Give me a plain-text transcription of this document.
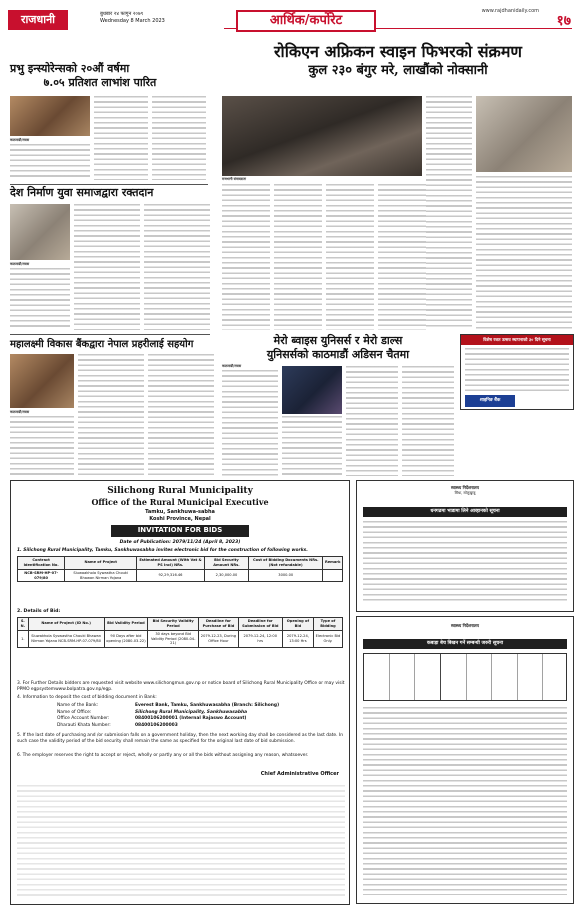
राजधानी	बुधबार २४ फागुन २०७९
Wednesday 8 March 2023	आर्थिक/कर्पोरेट
www.rajdhanidaily.com
१७
प्रभु इन्स्योरेन्सको २०औं वर्षमा
७.०५ प्रतिशत लाभांश पारित
काठमाडौं/रासस
रोकिएन अफ्रिकन स्वाइन फिभरको संक्रमण
कुल २३० बंगुर मरे, लाखौंको नोक्सानी
राजधानी संवाददाता
देश निर्माण युवा समाजद्वारा रक्तदान
काठमाडौं/रासस
महालक्ष्मी विकास बैंकद्वारा नेपाल प्रहरीलाई सहयोग
काठमाडौं/रासस
मेरो ब्वाइस युनिसर्स र मेरो डाल्स
युनिसर्सको काठमाडौं अडिसन चैतमा
काठमाडौं/रासस
विशेष रजत उत्सव स्थापनाको ३० दिने सूचना
शाइनिङ बैंक
स्वास्थ्य निर्देशनालय
सिंधा, सोलुखुम्बु
धनगढमा भाडामा लिने आव्हानको सूचना
स्वास्थ्य निर्देशनालय
कबाड़ा बेच बिखन गर्ने सम्बन्धी जरुरी सूचना
Silichong Rural Municipality
Office of the Rural Municipal Executive
Tamku, Sankhuwa-sabha
Koshi Province, Nepal
INVITATION FOR BIDS
Date of Publication: 2079/11/24 (April 8, 2023)
1. Silichong Rural Municipality, Tamku, Sankhuwasabha invites electronic bid for the construction of following works.
Contract Identification No.	Name of Project	Estimated Amount (With Vat & PS Incl) NRs.	Bid Security Amount NRs.	Cost of Bidding Documents NRs. (Not refundable)	Remark
NCB-SRM-HP-07-079/80	Siuwaakhola Sywastha Chouki Bhawan Nirman Yojana	92,29,316.46	2,30,000.00	3000.00	
2. Details of Bid:
S. N.	Name of Project (ID No.)	Bid Validity Period	Bid Security Validity Period	Deadline for Purchase of Bid	Deadline for Submission of Bid	Opening of Bid	Type of Bidding
1.	Siuwakhola Syswastha Chouki Bhawan Nirman Yojana NCB-SRM-HP-07-079/80	90 Days after bid opening (2080-03-22)	30 days beyond Bid Validity Period (2080-04-21)	2079-12-23, During Office Hour	2079-12-24, 12:00 hrs	2079-12-24, 13:00 Hrs	Electronic Bid Only.
3. For Further Details bidders are requested visit website www.silichongmun.gov.np or notice board of Silichong Rural Municipality Office or may visit PPMO egpsystemwww.bolpatra.gov.np/egp.
4. Information to deposit the cost of bidding document in Bank:
Name of the Bank:	Everest Bank, Tamku, Sankhuwasabha (Branch: Silichong)
Name of Office:	Silichong Rural Municipality, Sankhuwasabha
Office Account Number:	08400106200001 (Internal Rajaswo Account)
Dharauti Khata Number:	08400106200003
5. If the last date of purchasing and /or submission falls on a government holiday, then the next working day shall be considered as the last date. In such case the validity period of the bid security shall remain the same as specified for the original last date of bid submission.
6. The employer reserves the right to accept or reject, wholly or partly any or all the bids without assigning any reason, whatsoever.
Chief Administrative Officer
